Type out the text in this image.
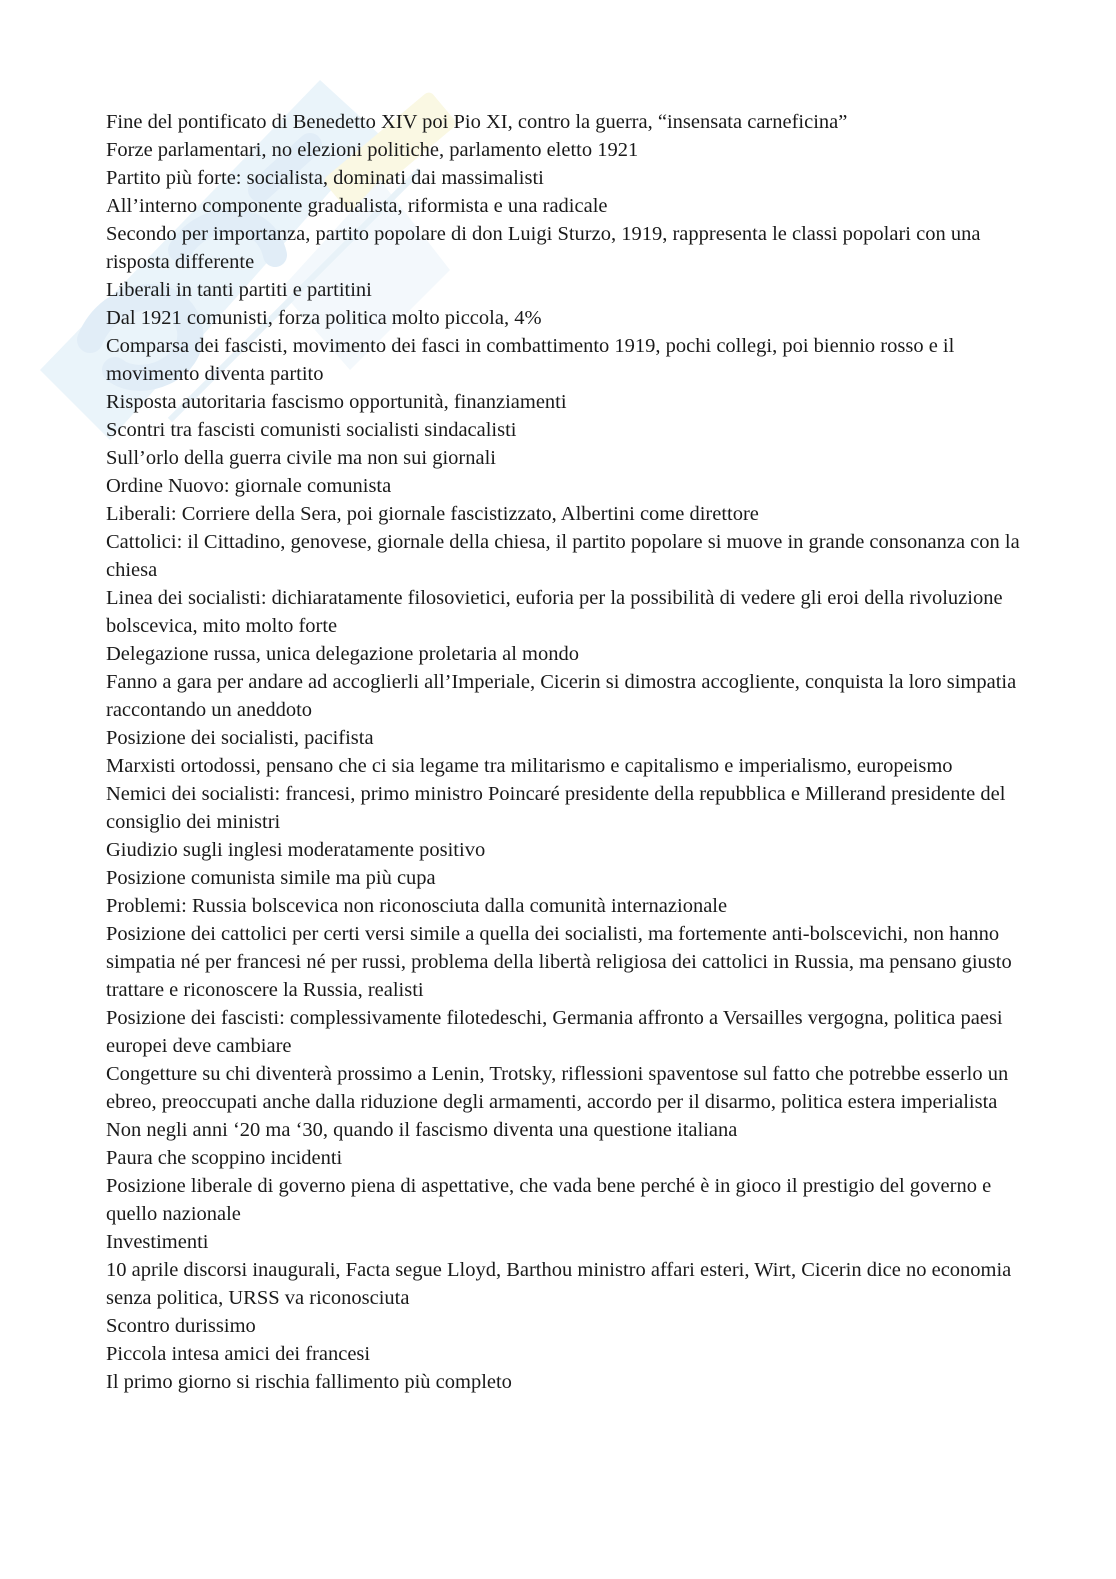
Fine del pontificato di Benedetto XIV poi Pio XI, contro la guerra, “insensata carneficina”
Forze parlamentari, no elezioni politiche, parlamento eletto 1921
Partito più forte: socialista, dominati dai massimalisti
All’interno componente gradualista, riformista e una radicale
Secondo per importanza, partito popolare di don Luigi Sturzo, 1919, rappresenta le classi popolari con una risposta differente
Liberali in tanti partiti e partitini
Dal 1921 comunisti, forza politica molto piccola, 4%
Comparsa dei fascisti, movimento dei fasci in combattimento 1919, pochi collegi, poi biennio rosso e il movimento diventa partito
Risposta autoritaria fascismo opportunità, finanziamenti
Scontri tra fascisti comunisti socialisti sindacalisti
Sull’orlo della guerra civile ma non sui giornali
Ordine Nuovo: giornale comunista
Liberali: Corriere della Sera, poi giornale fascistizzato, Albertini come direttore
Cattolici: il Cittadino, genovese, giornale della chiesa, il partito popolare si muove in grande consonanza con la chiesa
Linea dei socialisti: dichiaratamente filosovietici, euforia per la possibilità di vedere gli eroi della rivoluzione bolscevica, mito molto forte
Delegazione russa, unica delegazione proletaria al mondo
Fanno a gara per andare ad accoglierli all’Imperiale, Cicerin si dimostra accogliente, conquista la loro simpatia raccontando un aneddoto
Posizione dei socialisti, pacifista
Marxisti ortodossi, pensano che ci sia legame tra militarismo e capitalismo e imperialismo, europeismo
Nemici dei socialisti: francesi, primo ministro Poincaré presidente della repubblica e Millerand presidente del consiglio dei ministri
Giudizio sugli inglesi moderatamente positivo
Posizione comunista simile ma più cupa
Problemi: Russia bolscevica non riconosciuta dalla comunità internazionale
Posizione dei cattolici per certi versi simile a quella dei socialisti, ma fortemente anti-bolscevichi, non hanno simpatia né per francesi né per russi, problema della libertà religiosa dei cattolici in Russia, ma pensano giusto trattare e riconoscere la Russia, realisti
Posizione dei fascisti: complessivamente filotedeschi, Germania affronto a Versailles vergogna, politica paesi europei deve cambiare
Congetture su chi diventerà prossimo a Lenin, Trotsky, riflessioni spaventose sul fatto che potrebbe esserlo un ebreo, preoccupati anche dalla riduzione degli armamenti, accordo per il disarmo, politica estera imperialista
Non negli anni ‘20 ma ‘30, quando il fascismo diventa una questione italiana
Paura che scoppino incidenti
Posizione liberale di governo piena di aspettative, che vada bene perché è in gioco il prestigio del governo e quello nazionale
Investimenti
10 aprile discorsi inaugurali, Facta segue Lloyd, Barthou ministro affari esteri, Wirt, Cicerin dice no economia senza politica, URSS va riconosciuta
Scontro durissimo
Piccola intesa amici dei francesi
Il primo giorno si rischia fallimento più completo
